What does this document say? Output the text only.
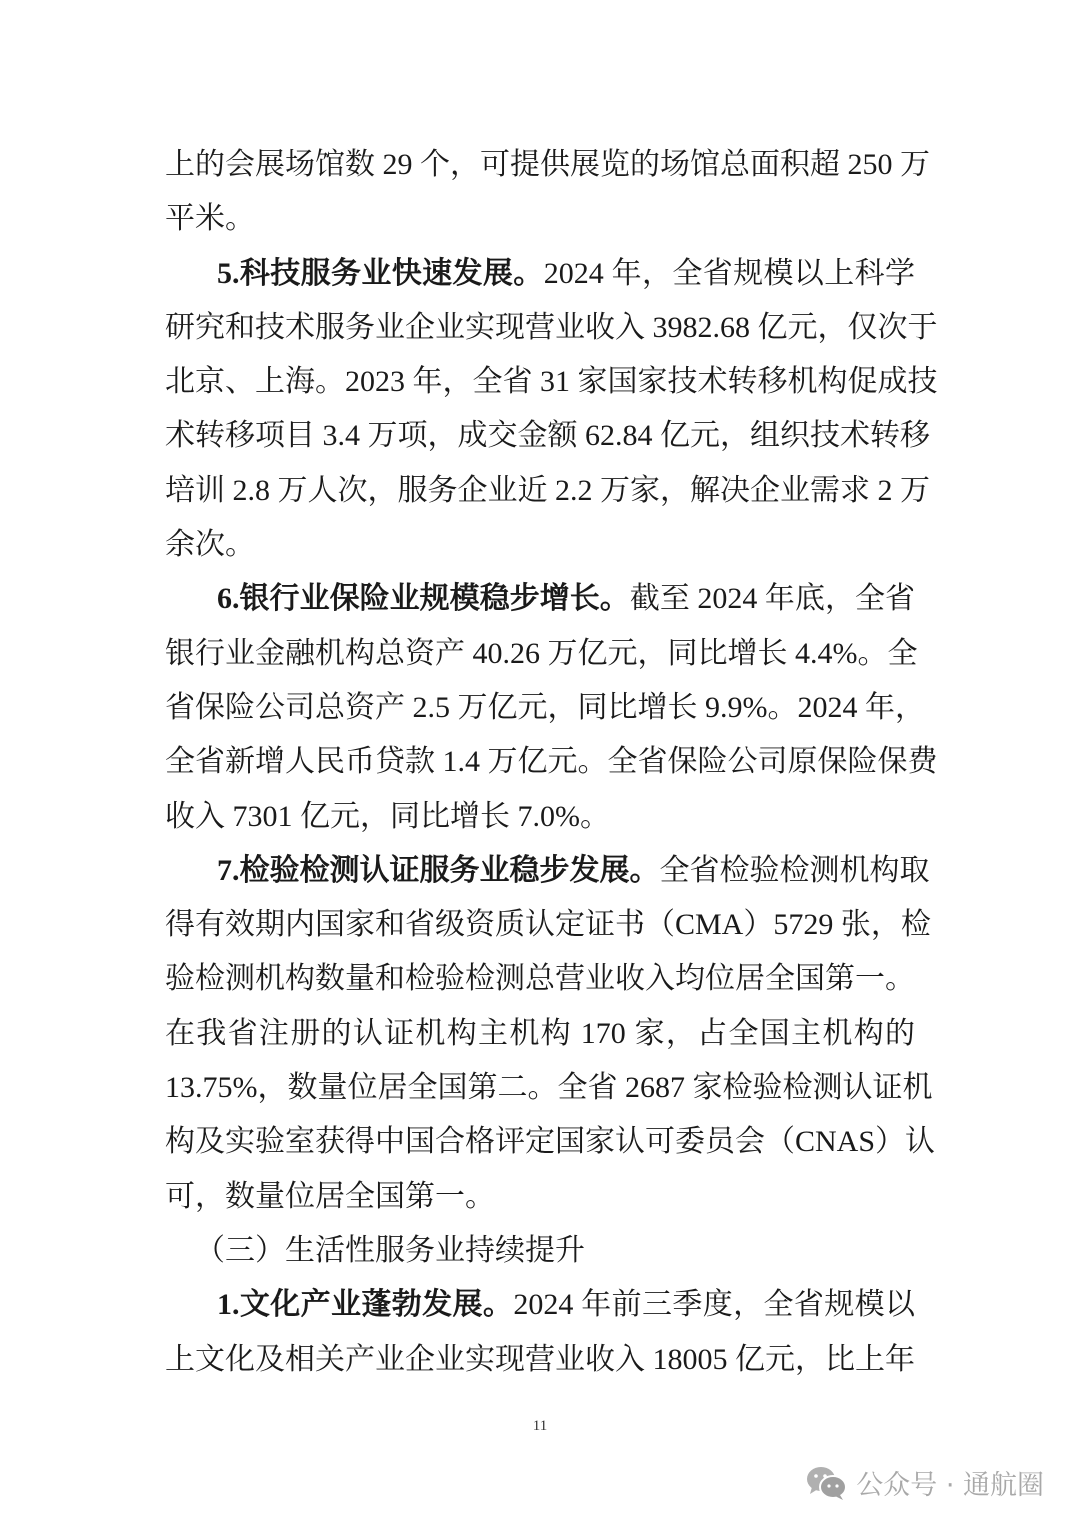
上的会展场馆数 29 个，可提供展览的场馆总面积超 250 万
平米。
5.科技服务业快速发展。2024 年，全省规模以上科学
研究和技术服务业企业实现营业收入 3982.68 亿元，仅次于
北京、上海。2023 年，全省 31 家国家技术转移机构促成技
术转移项目 3.4 万项，成交金额 62.84 亿元，组织技术转移
培训 2.8 万人次，服务企业近 2.2 万家，解决企业需求 2 万
余次。
6.银行业保险业规模稳步增长。截至 2024 年底，全省
银行业金融机构总资产 40.26 万亿元，同比增长 4.4%。全
省保险公司总资产 2.5 万亿元，同比增长 9.9%。2024 年，
全省新增人民币贷款 1.4 万亿元。全省保险公司原保险保费
收入 7301 亿元，同比增长 7.0%。
7.检验检测认证服务业稳步发展。全省检验检测机构取
得有效期内国家和省级资质认定证书（CMA）5729 张，检
验检测机构数量和检验检测总营业收入均位居全国第一。
在我省注册的认证机构主机构 170 家，占全国主机构的
13.75%，数量位居全国第二。全省 2687 家检验检测认证机
构及实验室获得中国合格评定国家认可委员会（CNAS）认
可，数量位居全国第一。
（三）生活性服务业持续提升
1.文化产业蓬勃发展。2024 年前三季度，全省规模以
上文化及相关产业企业实现营业收入 18005 亿元，比上年
11
公众号 · 通航圈
